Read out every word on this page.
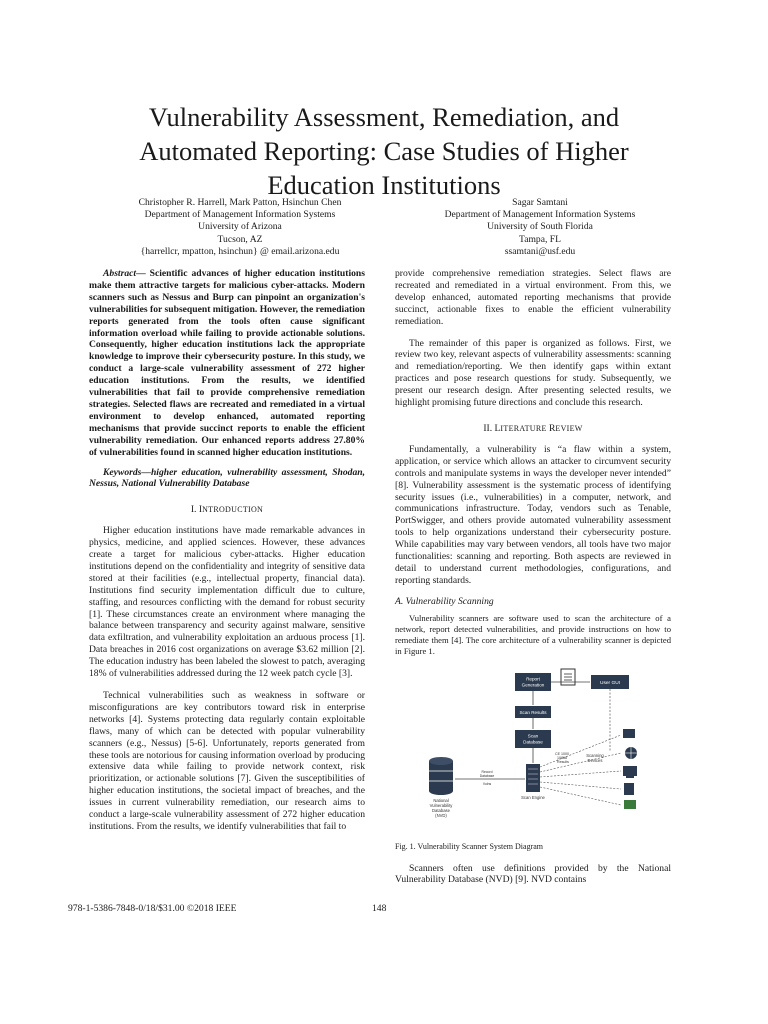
Vulnerability Assessment, Remediation, and
Automated Reporting: Case Studies of Higher
Education Institutions
Christopher R. Harrell, Mark Patton, Hsinchun Chen
Department of Management Information Systems
University of Arizona
Tucson, AZ
{harrellcr, mpatton, hsinchun} @ email.arizona.edu
Sagar Samtani
Department of Management Information Systems
University of South Florida
Tampa, FL
ssamtani@usf.edu

Abstract— Scientific advances of higher education institutions make them attractive targets for malicious cyber-attacks. Modern scanners such as Nessus and Burp can pinpoint an organization's vulnerabilities for subsequent mitigation. However, the remediation reports generated from the tools often cause significant information overload while failing to provide actionable solutions. Consequently, higher education institutions lack the appropriate knowledge to improve their cybersecurity posture. In this study, we conduct a large-scale vulnerability assessment of 272 higher education institutions. From the results, we identified vulnerabilities that fail to provide comprehensive remediation strategies. Selected flaws are recreated and remediated in a virtual environment to develop enhanced, automated reporting mechanisms that provide succinct reports to enable the efficient vulnerability remediation. Our enhanced reports address 27.80% of vulnerabilities found in scanned higher education institutions.

Keywords—higher education, vulnerability assessment, Shodan, Nessus, National Vulnerability Database

I. INTRODUCTION

Higher education institutions have made remarkable advances in physics, medicine, and applied sciences. However, these advances create a target for malicious cyber-attacks. Higher education institutions depend on the confidentiality and integrity of sensitive data stored at their facilities (e.g., intellectual property, financial data). Institutions find security implementation difficult due to culture, staffing, and resources conflicting with the demand for robust security [1]. These circumstances create an environment where managing the balance between transparency and security against malware, sensitive data exfiltration, and vulnerability exploitation an arduous process [1]. Data breaches in 2016 cost organizations on average $3.62 million [2]. The education industry has been labeled the slowest to patch, averaging 18% of vulnerabilities addressed during the 12 week patch cycle [3].

Technical vulnerabilities such as weakness in software or misconfigurations are key contributors toward risk in enterprise networks [4]. Systems protecting data regularly contain exploitable flaws, many of which can be detected with popular vulnerability scanners (e.g., Nessus) [5-6]. Unfortunately, reports generated from these tools are notorious for causing information overload by producing extensive data while failing to provide network context, risk prioritization, or actionable solutions [7]. Given the susceptibilities of higher education institutions, the societal impact of breaches, and the issues in current vulnerability remediation, our research aims to conduct a large-scale vulnerability assessment of 272 higher education institutions. From the results, we identify vulnerabilities that fail to

provide comprehensive remediation strategies. Select flaws are recreated and remediated in a virtual environment. From this, we develop enhanced, automated reporting mechanisms that provide succinct, actionable fixes to enable the efficient vulnerability remediation.

The remainder of this paper is organized as follows. First, we review two key, relevant aspects of vulnerability assessments: scanning and remediation/reporting. We then identify gaps within extant practices and pose research questions for study. Subsequently, we present our research design. After presenting selected results, we highlight promising future directions and conclude this research.

II. LITERATURE REVIEW

Fundamentally, a vulnerability is “a flaw within a system, application, or service which allows an attacker to circumvent security controls and manipulate systems in ways the developer never intended” [8]. Vulnerability assessment is the systematic process of identifying security issues (i.e., vulnerabilities) in a computer, network, and communications infrastructure. Today, vendors such as Tenable, PortSwigger, and others provide automated vulnerability assessment tools to help organizations understand their cybersecurity posture. While capabilities may vary between vendors, all tools have two major functionalities: scanning and reporting. Both aspects are reviewed in detail to understand current methodologies, configurations, and reporting standards.

A. Vulnerability Scanning

Vulnerability scanners are software used to scan the architecture of a network, report detected vulnerabilities, and provide instructions on how to remediate them [4]. The core architecture of a vulnerability scanner is depicted in Figure 1.

Report
Generation	User GUI
Scan Results
Scan
Database
CE 1000
10868
Results
Scan Engine
National
Vulnerability
Database
(NVD)
Record
Database
Vulns
Scanning
Devices
Fig. 1. Vulnerability Scanner System Diagram

Scanners often use definitions provided by the National Vulnerability Database (NVD) [9]. NVD contains

978-1-5386-7848-0/18/$31.00 ©2018 IEEE	148
